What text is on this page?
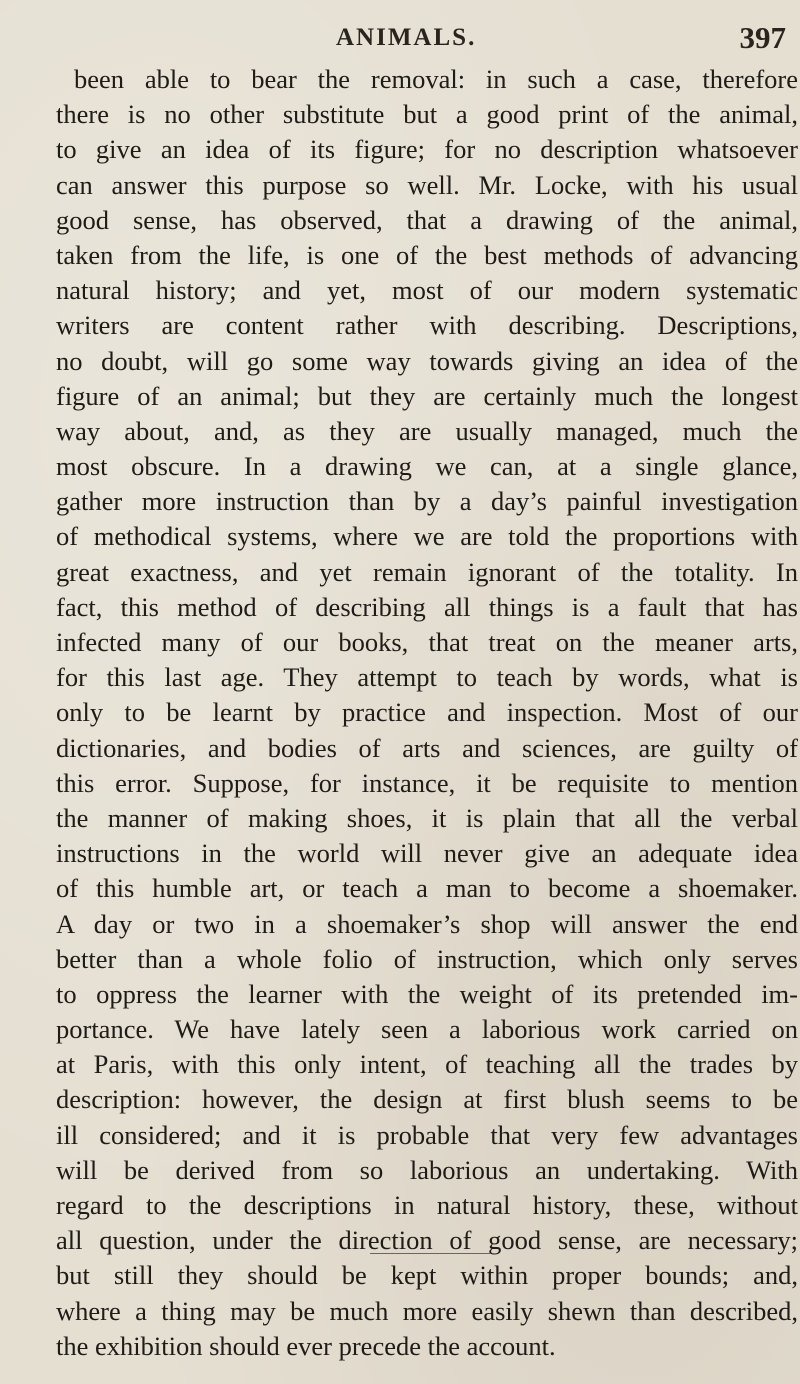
ANIMALS.	397
been able to bear the removal: in such a case, therefore
there is no other substitute but a good print of the animal,
to give an idea of its figure; for no description whatsoever
can answer this purpose so well. Mr. Locke, with his usual
good sense, has observed, that a drawing of the animal,
taken from the life, is one of the best methods of advancing
natural history; and yet, most of our modern systematic
writers are content rather with describing. Descriptions,
no doubt, will go some way towards giving an idea of the
figure of an animal; but they are certainly much the longest
way about, and, as they are usually managed, much the
most obscure. In a drawing we can, at a single glance,
gather more instruction than by a day’s painful investigation
of methodical systems, where we are told the proportions with
great exactness, and yet remain ignorant of the totality. In
fact, this method of describing all things is a fault that has
infected many of our books, that treat on the meaner arts,
for this last age. They attempt to teach by words, what is
only to be learnt by practice and inspection. Most of our
dictionaries, and bodies of arts and sciences, are guilty of
this error. Suppose, for instance, it be requisite to mention
the manner of making shoes, it is plain that all the verbal
instructions in the world will never give an adequate idea
of this humble art, or teach a man to become a shoemaker.
A day or two in a shoemaker’s shop will answer the end
better than a whole folio of instruction, which only serves
to oppress the learner with the weight of its pretended im-
portance. We have lately seen a laborious work carried on
at Paris, with this only intent, of teaching all the trades by
description: however, the design at first blush seems to be
ill considered; and it is probable that very few advantages
will be derived from so laborious an undertaking. With
regard to the descriptions in natural history, these, without
all question, under the direction of good sense, are necessary;
but still they should be kept within proper bounds; and,
where a thing may be much more easily shewn than described,
the exhibition should ever precede the account.
